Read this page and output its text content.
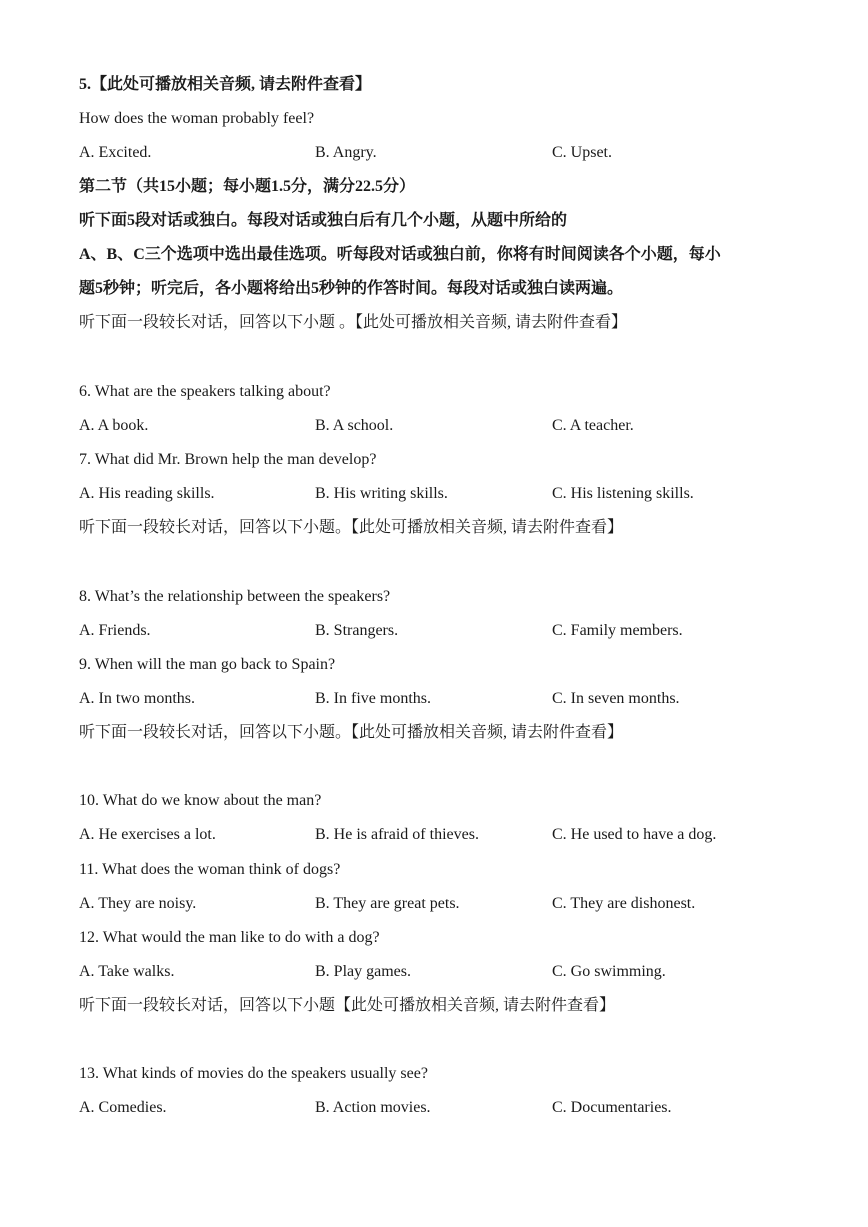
5.【此处可播放相关音频, 请去附件查看】
How does the woman probably feel?
A. Excited.	B. Angry.	C. Upset.
第二节（共15小题；每小题1.5分，满分22.5分）
听下面5段对话或独白。每段对话或独白后有几个小题，从题中所给的
A、B、C三个选项中选出最佳选项。听每段对话或独白前，你将有时间阅读各个小题，每小
题5秒钟；听完后，各小题将给出5秒钟的作答时间。每段对话或独白读两遍。
听下面一段较长对话，回答以下小题 。【此处可播放相关音频, 请去附件查看】
6. What are the speakers talking about?
A. A book.	B. A school.	C. A teacher.
7. What did Mr. Brown help the man develop?
A. His reading skills.	B. His writing skills.	C. His listening skills.
听下面一段较长对话，回答以下小题。【此处可播放相关音频, 请去附件查看】
8. What’s the relationship between the speakers?
A. Friends.	B. Strangers.	C. Family members.
9. When will the man go back to Spain?
A. In two months.	B. In five months.	C. In seven months.
听下面一段较长对话，回答以下小题。【此处可播放相关音频, 请去附件查看】
10. What do we know about the man?
A. He exercises a lot.	B. He is afraid of thieves.	C. He used to have a dog.
11. What does the woman think of dogs?
A. They are noisy.	B. They are great pets.	C. They are dishonest.
12. What would the man like to do with a dog?
A. Take walks.	B. Play games.	C. Go swimming.
听下面一段较长对话，回答以下小题【此处可播放相关音频, 请去附件查看】
13. What kinds of movies do the speakers usually see?
A. Comedies.	B. Action movies.	C. Documentaries.
